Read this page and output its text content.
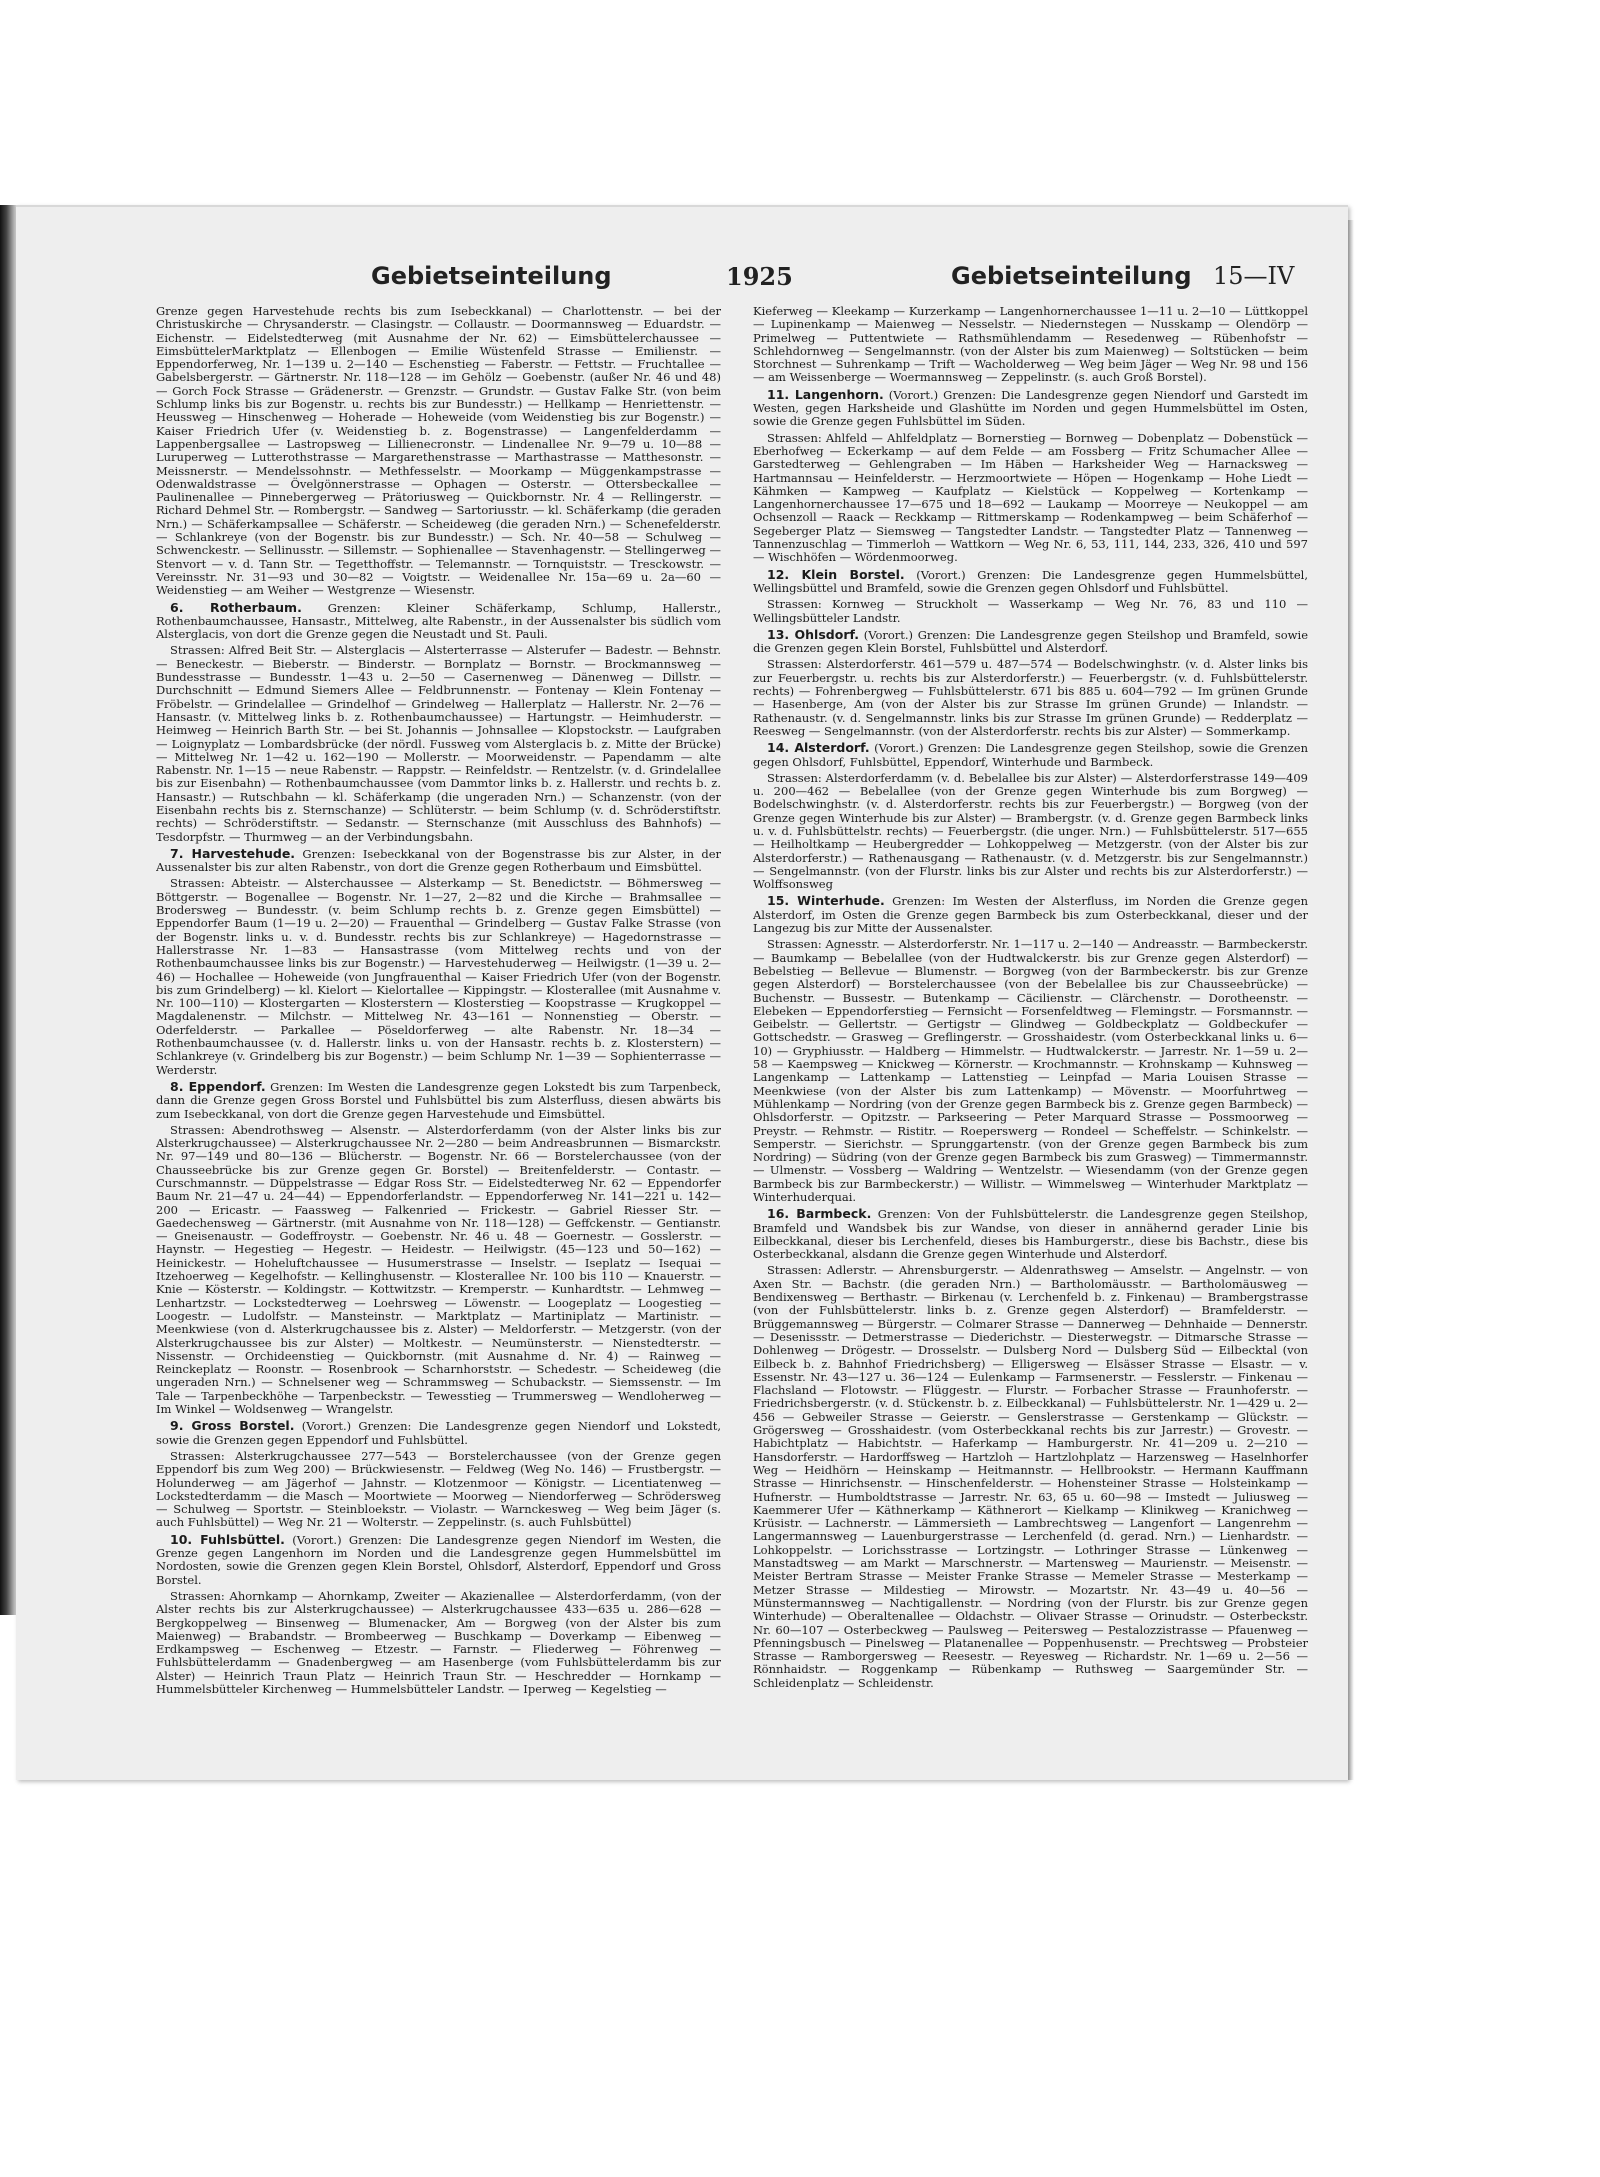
Gebietseinteilung	1925	Gebietseinteilung 15—IV

Grenze gegen Harvestehude rechts bis zum Isebeckkanal) — Charlottenstr. — bei der Christuskirche — Chrysanderstr. — Clasingstr. — Collaustr. — Doormannsweg — Eduardstr. — Eichenstr. — Eidelstedterweg (mit Ausnahme der Nr. 62) — Eimsbüttelerchaussee — EimsbüttelerMarktplatz — Ellenbogen — Emilie Wüstenfeld Strasse — Emilienstr. — Eppendorferweg, Nr. 1—139 u. 2—140 — Eschenstieg — Faberstr. — Fettstr. — Fruchtallee — Gabelsbergerstr. — Gärtnerstr. Nr. 118—128 — im Gehölz — Goebenstr. (außer Nr. 46 und 48) — Gorch Fock Strasse — Grädenerstr. — Grenzstr. — Grundstr. — Gustav Falke Str. (von beim Schlump links bis zur Bogenstr. u. rechts bis zur Bundesstr.) — Hellkamp — Henriettenstr. — Heussweg — Hinschenweg — Hoherade — Hoheweide (vom Weidenstieg bis zur Bogenstr.) — Kaiser Friedrich Ufer (v. Weidenstieg b. z. Bogenstrasse) — Langenfelderdamm — Lappenbergsallee — Lastropsweg — Lillienecronstr. — Lindenallee Nr. 9—79 u. 10—88 — Luruperweg — Lutterothstrasse — Margarethenstrasse — Marthastrasse — Matthesonstr. — Meissnerstr. — Mendelssohnstr. — Methfesselstr. — Moorkamp — Müggenkampstrasse — Odenwaldstrasse — Övelgönnerstrasse — Ophagen — Osterstr. — Ottersbeckallee — Paulinenallee — Pinnebergerweg — Prätoriusweg — Quickbornstr. Nr. 4 — Rellingerstr. — Richard Dehmel Str. — Rombergstr. — Sandweg — Sartoriusstr. — kl. Schäferkamp (die geraden Nrn.) — Schäferkampsallee — Schäferstr. — Scheideweg (die geraden Nrn.) — Schenefelderstr. — Schlankreye (von der Bogenstr. bis zur Bundesstr.) — Sch. Nr. 40—58 — Schulweg — Schwenckestr. — Sellinusstr. — Sillemstr. — Sophienallee — Stavenhagenstr. — Stellingerweg — Stenvort — v. d. Tann Str. — Tegetthoffstr. — Telemannstr. — Tornquiststr. — Tresckowstr. — Vereinsstr. Nr. 31—93 und 30—82 — Voigtstr. — Weidenallee Nr. 15a—69 u. 2a—60 — Weidenstieg — am Weiher — Westgrenze — Wiesenstr.

6. Rotherbaum. Grenzen: Kleiner Schäferkamp, Schlump, Hallerstr., Rothenbaumchaussee, Hansastr., Mittelweg, alte Rabenstr., in der Aussenalster bis südlich vom Alsterglacis, von dort die Grenze gegen die Neustadt und St. Pauli.

Strassen: Alfred Beit Str. — Alsterglacis — Alsterterrasse — Alsterufer — Badestr. — Behnstr. — Beneckestr. — Bieberstr. — Binderstr. — Bornplatz — Bornstr. — Brockmannsweg — Bundesstrasse — Bundesstr. 1—43 u. 2—50 — Casernenweg — Dänenweg — Dillstr. — Durchschnitt — Edmund Siemers Allee — Feldbrunnenstr. — Fontenay — Klein Fontenay — Fröbelstr. — Grindelallee — Grindelhof — Grindelweg — Hallerplatz — Hallerstr. Nr. 2—76 — Hansastr. (v. Mittelweg links b. z. Rothenbaumchaussee) — Hartungstr. — Heimhuderstr. — Heimweg — Heinrich Barth Str. — bei St. Johannis — Johnsallee — Klopstockstr. — Laufgraben — Loignyplatz — Lombardsbrücke (der nördl. Fussweg vom Alsterglacis b. z. Mitte der Brücke) — Mittelweg Nr. 1—42 u. 162—190 — Mollerstr. — Moorweidenstr. — Papendamm — alte Rabenstr. Nr. 1—15 — neue Rabenstr. — Rappstr. — Reinfeldstr. — Rentzelstr. (v. d. Grindelallee bis zur Eisenbahn) — Rothenbaumchaussee (vom Dammtor links b. z. Hallerstr. und rechts b. z. Hansastr.) — Rutschbahn — kl. Schäferkamp (die ungeraden Nrn.) — Schanzenstr. (von der Eisenbahn rechts bis z. Sternschanze) — Schlüterstr. — beim Schlump (v. d. Schröderstiftstr. rechts) — Schröderstiftstr. — Sedanstr. — Sternschanze (mit Ausschluss des Bahnhofs) — Tesdorpfstr. — Thurmweg — an der Verbindungsbahn.

7. Harvestehude. Grenzen: Isebeckkanal von der Bogenstrasse bis zur Alster, in der Aussenalster bis zur alten Rabenstr., von dort die Grenze gegen Rotherbaum und Eimsbüttel.

Strassen: Abteistr. — Alsterchaussee — Alsterkamp — St. Benedictstr. — Böhmersweg — Böttgerstr. — Bogenallee — Bogenstr. Nr. 1—27, 2—82 und die Kirche — Brahmsallee — Brodersweg — Bundesstr. (v. beim Schlump rechts b. z. Grenze gegen Eimsbüttel) — Eppendorfer Baum (1—19 u. 2—20) — Frauenthal — Grindelberg — Gustav Falke Strasse (von der Bogenstr. links u. v. d. Bundesstr. rechts bis zur Schlankreye) — Hagedornstrasse — Hallerstrasse Nr. 1—83 — Hansastrasse (vom Mittelweg rechts und von der Rothenbaumchaussee links bis zur Bogenstr.) — Harvestehuderweg — Heilwigstr. (1—39 u. 2—46) — Hochallee — Hoheweide (von Jungfrauenthal — Kaiser Friedrich Ufer (von der Bogenstr. bis zum Grindelberg) — kl. Kielort — Kielortallee — Kippingstr. — Klosterallee (mit Ausnahme v. Nr. 100—110) — Klostergarten — Klosterstern — Klosterstieg — Koopstrasse — Krugkoppel — Magdalenenstr. — Milchstr. — Mittelweg Nr. 43—161 — Nonnenstieg — Oberstr. — Oderfelderstr. — Parkallee — Pöseldorferweg — alte Rabenstr. Nr. 18—34 — Rothenbaumchaussee (v. d. Hallerstr. links u. von der Hansastr. rechts b. z. Klosterstern) — Schlankreye (v. Grindelberg bis zur Bogenstr.) — beim Schlump Nr. 1—39 — Sophienterrasse — Werderstr.

8. Eppendorf. Grenzen: Im Westen die Landesgrenze gegen Lokstedt bis zum Tarpenbeck, dann die Grenze gegen Gross Borstel und Fuhlsbüttel bis zum Alsterfluss, diesen abwärts bis zum Isebeckkanal, von dort die Grenze gegen Harvestehude und Eimsbüttel.

Strassen: Abendrothsweg — Alsenstr. — Alsterdorferdamm (von der Alster links bis zur Alsterkrugchaussee) — Alsterkrugchaussee Nr. 2—280 — beim Andreasbrunnen — Bismarckstr. Nr. 97—149 und 80—136 — Blücherstr. — Bogenstr. Nr. 66 — Borstelerchaussee (von der Chausseebrücke bis zur Grenze gegen Gr. Borstel) — Breitenfelderstr. — Contastr. — Curschmannstr. — Düppelstrasse — Edgar Ross Str. — Eidelstedterweg Nr. 62 — Eppendorfer Baum Nr. 21—47 u. 24—44) — Eppendorferlandstr. — Eppendorferweg Nr. 141—221 u. 142—200 — Ericastr. — Faassweg — Falkenried — Frickestr. — Gabriel Riesser Str. — Gaedechensweg — Gärtnerstr. (mit Ausnahme von Nr. 118—128) — Geffckenstr. — Gentianstr. — Gneisenaustr. — Godeffroystr. — Goebenstr. Nr. 46 u. 48 — Goernestr. — Gosslerstr. — Haynstr. — Hegestieg — Hegestr. — Heidestr. — Heilwigstr. (45—123 und 50—162) — Heinickestr. — Hoheluftchaussee — Husumerstrasse — Inselstr. — Iseplatz — Isequai — Itzehoerweg — Kegelhofstr. — Kellinghusenstr. — Klosterallee Nr. 100 bis 110 — Knauerstr. — Knie — Kösterstr. — Koldingstr. — Kottwitzstr. — Kremperstr. — Kunhardtstr. — Lehmweg — Lenhartzstr. — Lockstedterweg — Loehrsweg — Löwenstr. — Loogeplatz — Loogestieg — Loogestr. — Ludolfstr. — Mansteinstr. — Marktplatz — Martiniplatz — Martinistr. — Meenkwiese (von d. Alsterkrugchaussee bis z. Alster) — Meldorferstr. — Metzgerstr. (von der Alsterkrugchaussee bis zur Alster) — Moltkestr. — Neumünsterstr. — Nienstedterstr. — Nissenstr. — Orchideenstieg — Quickbornstr. (mit Ausnahme d. Nr. 4) — Rainweg — Reinckeplatz — Roonstr. — Rosenbrook — Scharnhorststr. — Schedestr. — Scheideweg (die ungeraden Nrn.) — Schnelsener weg — Schrammsweg — Schubackstr. — Siemssenstr. — Im Tale — Tarpenbeckhöhe — Tarpenbeckstr. — Tewesstieg — Trummersweg — Wendloherweg — Im Winkel — Woldsenweg — Wrangelstr.

9. Gross Borstel. (Vorort.) Grenzen: Die Landesgrenze gegen Niendorf und Lokstedt, sowie die Grenzen gegen Eppendorf und Fuhlsbüttel.

Strassen: Alsterkrugchaussee 277—543 — Borstelerchaussee (von der Grenze gegen Eppendorf bis zum Weg 200) — Brückwiesenstr. — Feldweg (Weg No. 146) — Frustbergstr. — Holunderweg — am Jägerhof — Jahnstr. — Klotzenmoor — Königstr. — Licentiatenweg — Lockstedterdamm — die Masch — Moortwiete — Moorweg — Niendorferweg — Schrödersweg — Schulweg — Sportstr. — Steinbloekstr. — Violastr. — Warnckesweg — Weg beim Jäger (s. auch Fuhlsbüttel) — Weg Nr. 21 — Wolterstr. — Zeppelinstr. (s. auch Fuhlsbüttel)

10. Fuhlsbüttel. (Vorort.) Grenzen: Die Landesgrenze gegen Niendorf im Westen, die Grenze gegen Langenhorn im Norden und die Landesgrenze gegen Hummelsbüttel im Nordosten, sowie die Grenzen gegen Klein Borstel, Ohlsdorf, Alsterdorf, Eppendorf und Gross Borstel.

Strassen: Ahornkamp — Ahornkamp, Zweiter — Akazienallee — Alsterdorferdamm, (von der Alster rechts bis zur Alsterkrugchaussee) — Alsterkrugchaussee 433—635 u. 286—628 — Bergkoppelweg — Binsenweg — Blumenacker, Am — Borgweg (von der Alster bis zum Maienweg) — Brabandstr. — Brombeerweg — Buschkamp — Doverkamp — Eibenweg — Erdkampsweg — Eschenweg — Etzestr. — Farnstr. — Fliederweg — Föhrenweg — Fuhlsbüttelerdamm — Gnadenbergweg — am Hasenberge (vom Fuhlsbüttelerdamm bis zur Alster) — Heinrich Traun Platz — Heinrich Traun Str. — Heschredder — Hornkamp — Hummelsbütteler Kirchenweg — Hummelsbütteler Landstr. — Iperweg — Kegelstieg —

Kieferweg — Kleekamp — Kurzerkamp — Langenhornerchaussee 1—11 u. 2—10 — Lüttkoppel — Lupinenkamp — Maienweg — Nesselstr. — Niedernstegen — Nusskamp — Olendörp — Primelweg — Puttentwiete — Rathsmühlendamm — Resedenweg — Rübenhofstr — Schlehdornweg — Sengelmannstr. (von der Alster bis zum Maienweg) — Soltstücken — beim Storchnest — Suhrenkamp — Trift — Wacholderweg — Weg beim Jäger — Weg Nr. 98 und 156 — am Weissenberge — Woermannsweg — Zeppelinstr. (s. auch Groß Borstel).

11. Langenhorn. (Vorort.) Grenzen: Die Landesgrenze gegen Niendorf und Garstedt im Westen, gegen Harksheide und Glashütte im Norden und gegen Hummelsbüttel im Osten, sowie die Grenze gegen Fuhlsbüttel im Süden.

Strassen: Ahlfeld — Ahlfeldplatz — Bornerstieg — Bornweg — Dobenplatz — Dobenstück — Eberhofweg — Eckerkamp — auf dem Felde — am Fossberg — Fritz Schumacher Allee — Garstedterweg — Gehlengraben — Im Häben — Harksheider Weg — Harnacksweg — Hartmannsau — Heinfelderstr. — Herzmoortwiete — Höpen — Hogenkamp — Hohe Liedt — Kähmken — Kampweg — Kaufplatz — Kielstück — Koppelweg — Kortenkamp — Langenhornerchaussee 17—675 und 18—692 — Laukamp — Moorreye — Neukoppel — am Ochsenzoll — Raack — Reckkamp — Rittmerskamp — Rodenkampweg — beim Schäferhof — Segeberger Platz — Siemsweg — Tangstedter Landstr. — Tangstedter Platz — Tannenweg — Tannenzuschlag — Timmerloh — Wattkorn — Weg Nr. 6, 53, 111, 144, 233, 326, 410 und 597 — Wischhöfen — Wördenmoorweg.

12. Klein Borstel. (Vorort.) Grenzen: Die Landesgrenze gegen Hummelsbüttel, Wellingsbüttel und Bramfeld, sowie die Grenzen gegen Ohlsdorf und Fuhlsbüttel.

Strassen: Kornweg — Struckholt — Wasserkamp — Weg Nr. 76, 83 und 110 — Wellingsbütteler Landstr.

13. Ohlsdorf. (Vorort.) Grenzen: Die Landesgrenze gegen Steilshop und Bramfeld, sowie die Grenzen gegen Klein Borstel, Fuhlsbüttel und Alsterdorf.

Strassen: Alsterdorferstr. 461—579 u. 487—574 — Bodelschwinghstr. (v. d. Alster links bis zur Feuerbergstr. u. rechts bis zur Alsterdorferstr.) — Feuerbergstr. (v. d. Fuhlsbüttelerstr. rechts) — Fohrenbergweg — Fuhlsbüttelerstr. 671 bis 885 u. 604—792 — Im grünen Grunde — Hasenberge, Am (von der Alster bis zur Strasse Im grünen Grunde) — Inlandstr. — Rathenaustr. (v. d. Sengelmannstr. links bis zur Strasse Im grünen Grunde) — Redderplatz — Reesweg — Sengelmannstr. (von der Alsterdorferstr. rechts bis zur Alster) — Sommerkamp.

14. Alsterdorf. (Vorort.) Grenzen: Die Landesgrenze gegen Steilshop, sowie die Grenzen gegen Ohlsdorf, Fuhlsbüttel, Eppendorf, Winterhude und Barmbeck.

Strassen: Alsterdorferdamm (v. d. Bebelallee bis zur Alster) — Alsterdorferstrasse 149—409 u. 200—462 — Bebelallee (von der Grenze gegen Winterhude bis zum Borgweg) — Bodelschwinghstr. (v. d. Alsterdorferstr. rechts bis zur Feuerbergstr.) — Borgweg (von der Grenze gegen Winterhude bis zur Alster) — Brambergstr. (v. d. Grenze gegen Barmbeck links u. v. d. Fuhlsbüttelstr. rechts) — Feuerbergstr. (die unger. Nrn.) — Fuhlsbüttelerstr. 517—655 — Heilholtkamp — Heubergredder — Lohkoppelweg — Metzgerstr. (von der Alster bis zur Alsterdorferstr.) — Rathenausgang — Rathenaustr. (v. d. Metzgerstr. bis zur Sengelmannstr.) — Sengelmannstr. (von der Flurstr. links bis zur Alster und rechts bis zur Alsterdorferstr.) — Wolffsonsweg

15. Winterhude. Grenzen: Im Westen der Alsterfluss, im Norden die Grenze gegen Alsterdorf, im Osten die Grenze gegen Barmbeck bis zum Osterbeckkanal, dieser und der Langezug bis zur Mitte der Aussenalster.

Strassen: Agnesstr. — Alsterdorferstr. Nr. 1—117 u. 2—140 — Andreasstr. — Barmbeckerstr. — Baumkamp — Bebelallee (von der Hudtwalckerstr. bis zur Grenze gegen Alsterdorf) — Bebelstieg — Bellevue — Blumenstr. — Borgweg (von der Barmbeckerstr. bis zur Grenze gegen Alsterdorf) — Borstelerchaussee (von der Bebelallee bis zur Chausseebrücke) — Buchenstr. — Bussestr. — Butenkamp — Cäcilienstr. — Clärchenstr. — Dorotheenstr. — Elebeken — Eppendorferstieg — Fernsicht — Forsenfeldtweg — Flemingstr. — Forsmannstr. — Geibelstr. — Gellertstr. — Gertigstr — Glindweg — Goldbeckplatz — Goldbeckufer — Gottschedstr. — Grasweg — Greflingerstr. — Grosshaidestr. (vom Osterbeckkanal links u. 6—10) — Gryphiusstr. — Haldberg — Himmelstr. — Hudtwalckerstr. — Jarrestr. Nr. 1—59 u. 2—58 — Kaempsweg — Knickweg — Körnerstr. — Krochmannstr. — Krohnskamp — Kuhnsweg — Langenkamp — Lattenkamp — Lattenstieg — Leinpfad — Maria Louisen Strasse — Meenkwiese (von der Alster bis zum Lattenkamp) — Mövenstr. — Moorfuhrtweg — Mühlenkamp — Nordring (von der Grenze gegen Barmbeck bis z. Grenze gegen Barmbeck) — Ohlsdorferstr. — Opitzstr. — Parkseering — Peter Marquard Strasse — Possmoorweg — Preystr. — Rehmstr. — Ristitr. — Roeperswerg — Rondeel — Scheffelstr. — Schinkelstr. — Semperstr. — Sierichstr. — Sprunggartenstr. (von der Grenze gegen Barmbeck bis zum Nordring) — Südring (von der Grenze gegen Barmbeck bis zum Grasweg) — Timmermannstr. — Ulmenstr. — Vossberg — Waldring — Wentzelstr. — Wiesendamm (von der Grenze gegen Barmbeck bis zur Barmbeckerstr.) — Willistr. — Wimmelsweg — Winterhuder Marktplatz — Winterhuderquai.

16. Barmbeck. Grenzen: Von der Fuhlsbüttelerstr. die Landesgrenze gegen Steilshop, Bramfeld und Wandsbek bis zur Wandse, von dieser in annähernd gerader Linie bis Eilbeckkanal, dieser bis Lerchenfeld, dieses bis Hamburgerstr., diese bis Bachstr., diese bis Osterbeckkanal, alsdann die Grenze gegen Winterhude und Alsterdorf.

Strassen: Adlerstr. — Ahrensburgerstr. — Aldenrathsweg — Amselstr. — Angelnstr. — von Axen Str. — Bachstr. (die geraden Nrn.) — Bartholomäusstr. — Bartholomäusweg — Bendixensweg — Berthastr. — Birkenau (v. Lerchenfeld b. z. Finkenau) — Brambergstrasse (von der Fuhlsbüttelerstr. links b. z. Grenze gegen Alsterdorf) — Bramfelderstr. — Brüggemannsweg — Bürgerstr. — Colmarer Strasse — Dannerweg — Dehnhaide — Dennerstr. — Desenissstr. — Detmerstrasse — Diederichstr. — Diesterwegstr. — Ditmarsche Strasse — Dohlenweg — Drögestr. — Drosselstr. — Dulsberg Nord — Dulsberg Süd — Eilbecktal (von Eilbeck b. z. Bahnhof Friedrichsberg) — Elligersweg — Elsässer Strasse — Elsastr. — v. Essenstr. Nr. 43—127 u. 36—124 — Eulenkamp — Farmsenerstr. — Fesslerstr. — Finkenau — Flachsland — Flotowstr. — Flüggestr. — Flurstr. — Forbacher Strasse — Fraunhoferstr. — Friedrichsbergerstr. (v. d. Stückenstr. b. z. Eilbeckkanal) — Fuhlsbüttelerstr. Nr. 1—429 u. 2—456 — Gebweiler Strasse — Geierstr. — Genslerstrasse — Gerstenkamp — Glückstr. — Grögersweg — Grosshaidestr. (vom Osterbeckkanal rechts bis zur Jarrestr.) — Grovestr. — Habichtplatz — Habichtstr. — Haferkamp — Hamburgerstr. Nr. 41—209 u. 2—210 — Hansdorferstr. — Hardorffsweg — Hartzloh — Hartzlohplatz — Harzensweg — Haselnhorfer Weg — Heidhörn — Heinskamp — Heitmannstr. — Hellbrookstr. — Hermann Kauffmann Strasse — Hinrichsenstr. — Hinschenfelderstr. — Hohensteiner Strasse — Holsteinkamp — Hufnerstr. — Humboldtstrasse — Jarrestr. Nr. 63, 65 u. 60—98 — Imstedt — Juliusweg — Kaemmerer Ufer — Käthnerkamp — Käthnerort — Kielkamp — Klinikweg — Kranichweg — Krüsistr. — Lachnerstr. — Lämmersieth — Lambrechtsweg — Langenfort — Langenrehm — Langermannsweg — Lauenburgerstrasse — Lerchenfeld (d. gerad. Nrn.) — Lienhardstr. — Lohkoppelstr. — Lorichsstrasse — Lortzingstr. — Lothringer Strasse — Lünkenweg — Manstadtsweg — am Markt — Marschnerstr. — Martensweg — Maurienstr. — Meisenstr. — Meister Bertram Strasse — Meister Franke Strasse — Memeler Strasse — Mesterkamp — Metzer Strasse — Mildestieg — Mirowstr. — Mozartstr. Nr. 43—49 u. 40—56 — Münstermannsweg — Nachtigallenstr. — Nordring (von der Flurstr. bis zur Grenze gegen Winterhude) — Oberaltenallee — Oldachstr. — Olivaer Strasse — Orinudstr. — Osterbeckstr. Nr. 60—107 — Osterbeckweg — Paulsweg — Peitersweg — Pestalozzistrasse — Pfauenweg — Pfenningsbusch — Pinelsweg — Platanenallee — Poppenhusenstr. — Prechtsweg — Probsteier Strasse — Ramborgersweg — Reesestr. — Reyesweg — Richardstr. Nr. 1—69 u. 2—56 — Rönnhaidstr. — Roggenkamp — Rübenkamp — Ruthsweg — Saargemünder Str. — Schleidenplatz — Schleidenstr.
